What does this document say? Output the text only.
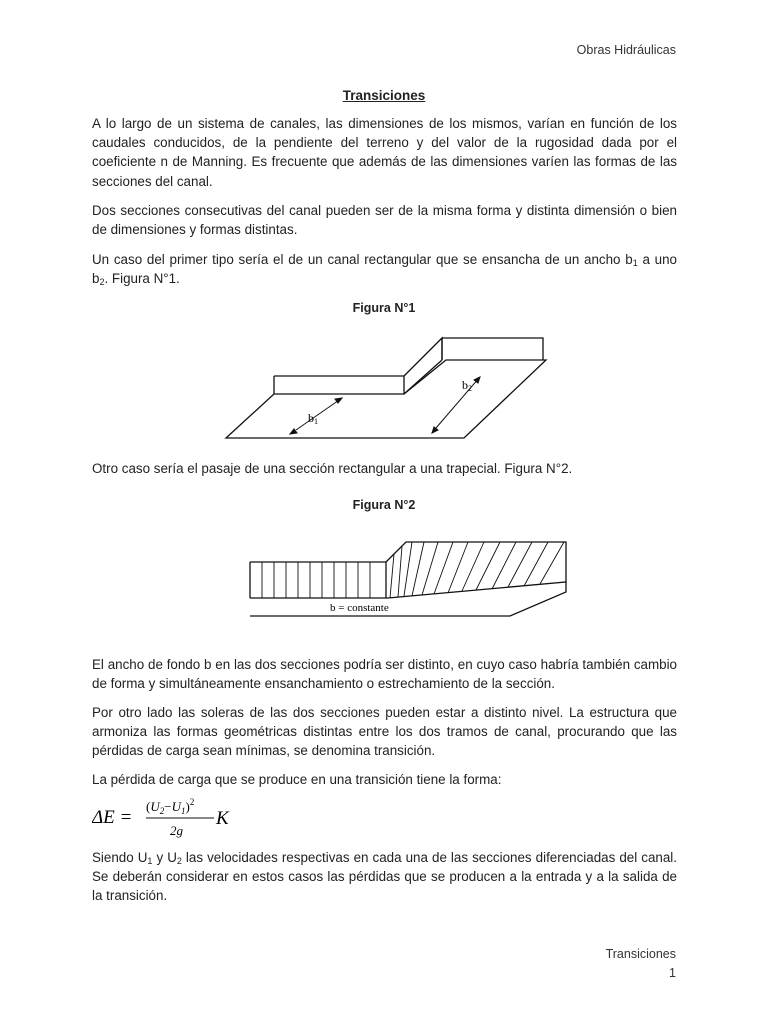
Obras Hidráulicas
Transiciones
A lo largo de un sistema de canales, las dimensiones de los mismos, varían en función de los caudales conducidos, de la pendiente del terreno y del valor de la rugosidad dada por el coeficiente n de Manning. Es frecuente que además de las dimensiones varíen las formas de las secciones del canal.
Dos secciones consecutivas del canal pueden ser de la misma forma y distinta dimensión o bien de dimensiones y formas distintas.
Un caso del primer tipo sería el de un canal rectangular que se ensancha de un ancho $b_1$ a uno $b_2$. Figura N°1.
Figura N°1
b1
b2
Otro caso sería el pasaje de una sección rectangular a una trapecial. Figura N°2.
Figura N°2
b = constante
El ancho de fondo b en las dos secciones podría ser distinto, en cuyo caso habría también cambio de forma y simultáneamente ensanchamiento o estrechamiento de la sección.
Por otro lado las soleras de las dos secciones pueden estar a distinto nivel. La estructura que armoniza las formas geométricas distintas entre los dos tramos de canal, procurando que las pérdidas de carga sean mínimas, se denomina transición.
La pérdida de carga que se produce en una transición tiene la forma:
ΔE =
$(U_2-U_1)^2$
2g
K
Siendo $U_1$ y $U_2$ las velocidades respectivas en cada una de las secciones diferenciadas del canal. Se deberán considerar en estos casos las pérdidas que se producen a la entrada y a la salida de la transición.
Transiciones
1
